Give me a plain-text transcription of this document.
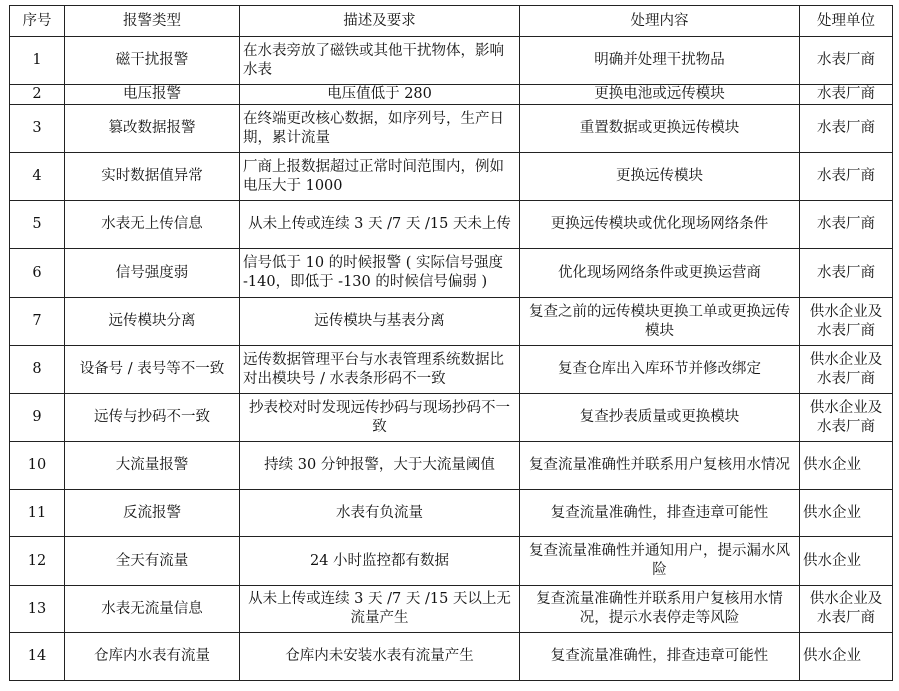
序号	报警类型	描述及要求	处理内容	处理单位
1	磁干扰报警	在水表旁放了磁铁或其他干扰物体，影响水表	明确并处理干扰物品	水表厂商
2	电压报警	电压值低于 280	更换电池或远传模块	水表厂商
3	篡改数据报警	在终端更改核心数据，如序列号，生产日期，累计流量	重置数据或更换远传模块	水表厂商
4	实时数据值异常	厂商上报数据超过正常时间范围内，例如电压大于 1000	更换远传模块	水表厂商
5	水表无上传信息	从未上传或连续 3 天 /7 天 /15 天未上传	更换远传模块或优化现场网络条件	水表厂商
6	信号强度弱	信号低于 10 的时候报警 ( 实际信号强度 -140，即低于 -130 的时候信号偏弱 )	优化现场网络条件或更换运营商	水表厂商
7	远传模块分离	远传模块与基表分离	复查之前的远传模块更换工单或更换远传模块	供水企业及水表厂商
8	设备号 / 表号等不一致	远传数据管理平台与水表管理系统数据比对出模块号 / 水表条形码不一致	复查仓库出入库环节并修改绑定	供水企业及水表厂商
9	远传与抄码不一致	抄表校对时发现远传抄码与现场抄码不一致	复查抄表质量或更换模块	供水企业及水表厂商
10	大流量报警	持续 30 分钟报警，大于大流量阈值	复查流量准确性并联系用户复核用水情况	供水企业
11	反流报警	水表有负流量	复查流量准确性，排查违章可能性	供水企业
12	全天有流量	24 小时监控都有数据	复查流量准确性并通知用户，提示漏水风险	供水企业
13	水表无流量信息	从未上传或连续 3 天 /7 天 /15 天以上无流量产生	复查流量准确性并联系用户复核用水情况，提示水表停走等风险	供水企业及水表厂商
14	仓库内水表有流量	仓库内未安装水表有流量产生	复查流量准确性，排查违章可能性	供水企业
